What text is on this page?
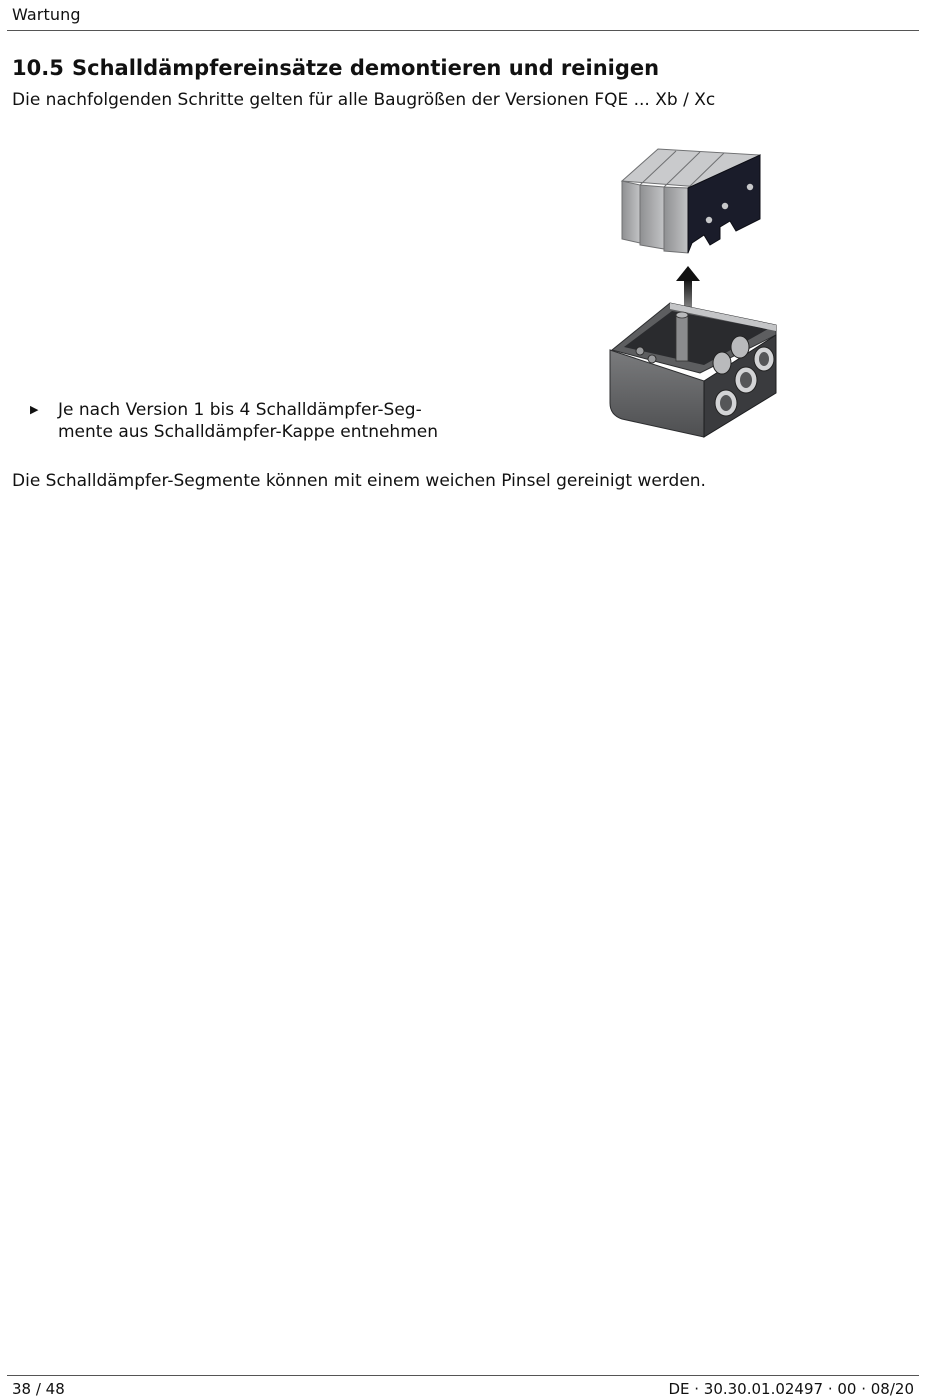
Wartung
10.5 Schalldämpfereinsätze demontieren und reinigen
Die nachfolgenden Schritte gelten für alle Baugrößen der Versionen FQE ... Xb / Xc
▶ Je nach Version 1 bis 4 Schalldämpfer-Seg-
mente aus Schalldämpfer-Kappe entnehmen
Die Schalldämpfer-Segmente können mit einem weichen Pinsel gereinigt werden.
38 / 48	DE · 30.30.01.02497 · 00 · 08/20
